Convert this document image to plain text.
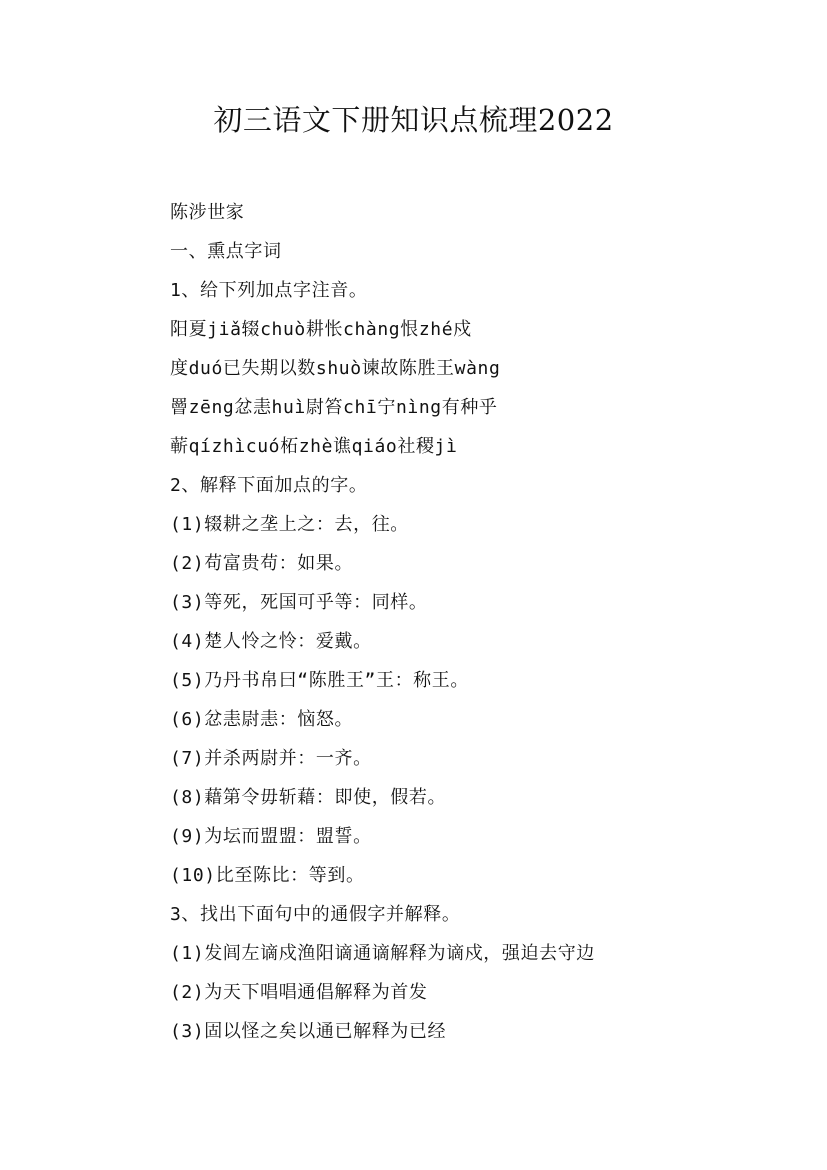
初三语文下册知识点梳理2022
陈涉世家
一、熏点字词
1、给下列加点字注音。
阳夏jiǎ辍chuò耕怅chàng恨zhé戍
度duó已失期以数shuò谏故陈胜王wàng
罾zēng忿恚huì尉笞chī宁nìng有种乎
蕲qízhìcuó柘zhè谯qiáo社稷jì
2、解释下面加点的字。
(1)辍耕之垄上之：去，往。
(2)苟富贵苟：如果。
(3)等死，死国可乎等：同样。
(4)楚人怜之怜：爱戴。
(5)乃丹书帛曰“陈胜王”王：称王。
(6)忿恚尉恚：恼怒。
(7)并杀两尉并：一齐。
(8)藉第令毋斩藉：即使，假若。
(9)为坛而盟盟：盟誓。
(10)比至陈比：等到。
3、找出下面句中的通假字并解释。
(1)发闾左谪戍渔阳谪通谪解释为谪戍，强迫去守边
(2)为天下唱唱通倡解释为首发
(3)固以怪之矣以通已解释为已经
